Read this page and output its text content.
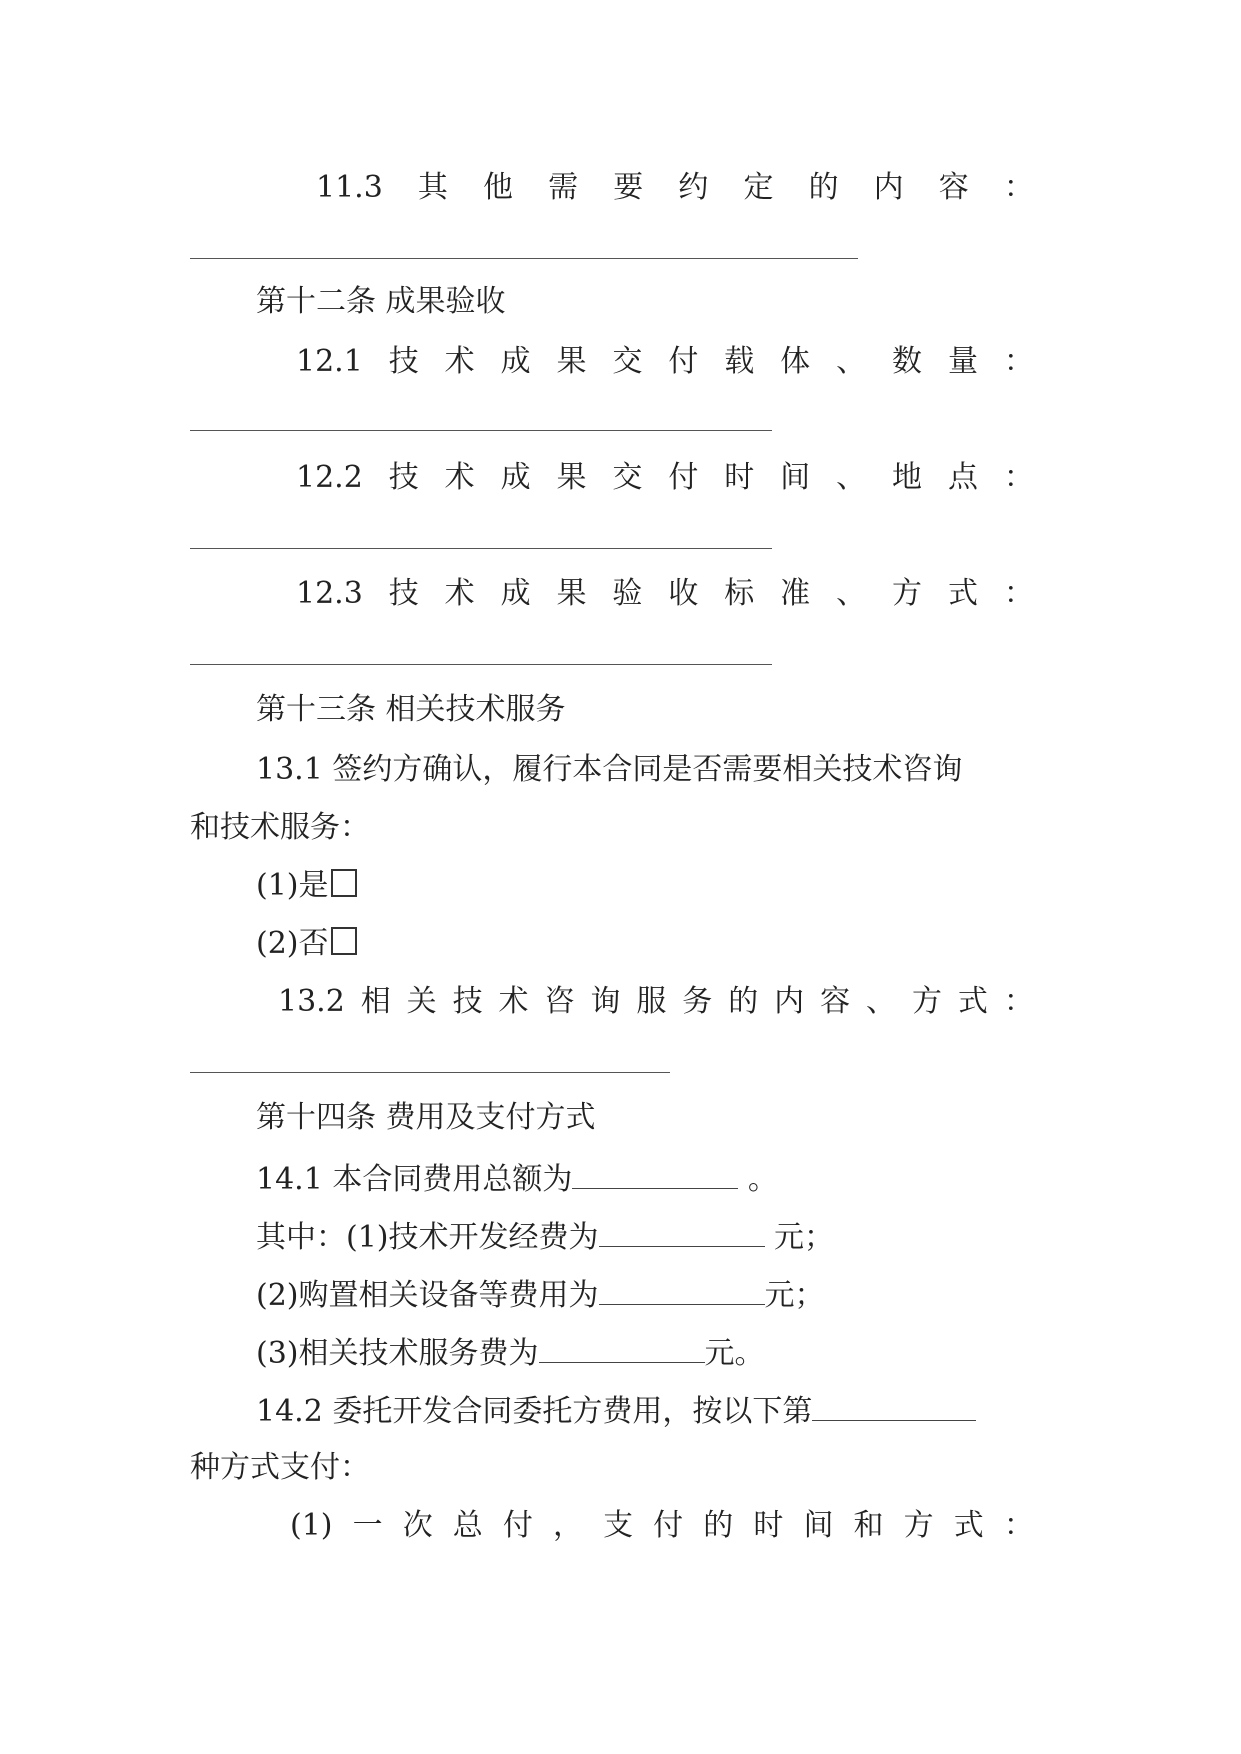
11.3 其 他 需 要 约 定 的 内 容 ：
第十二条 成果验收
12.1 技 术 成 果 交 付 载 体 、 数 量 ：
12.2 技 术 成 果 交 付 时 间 、 地 点 ：
12.3 技 术 成 果 验 收 标 准 、 方 式 ：
第十三条 相关技术服务
13.1 签约方确认，履行本合同是否需要相关技术咨询
和技术服务：
(1)是
(2)否
13.2 相 关 技 术 咨 询 服 务 的 内 容 、 方 式 ：
第十四条 费用及支付方式
14.1 本合同费用总额为	。
其中：(1)技术开发经费为	元；
(2)购置相关设备等费用为	元；
(3)相关技术服务费为	元。
14.2 委托开发合同委托方费用，按以下第
种方式支付：
(1) 一 次 总 付 ， 支 付 的 时 间 和 方 式 ：
